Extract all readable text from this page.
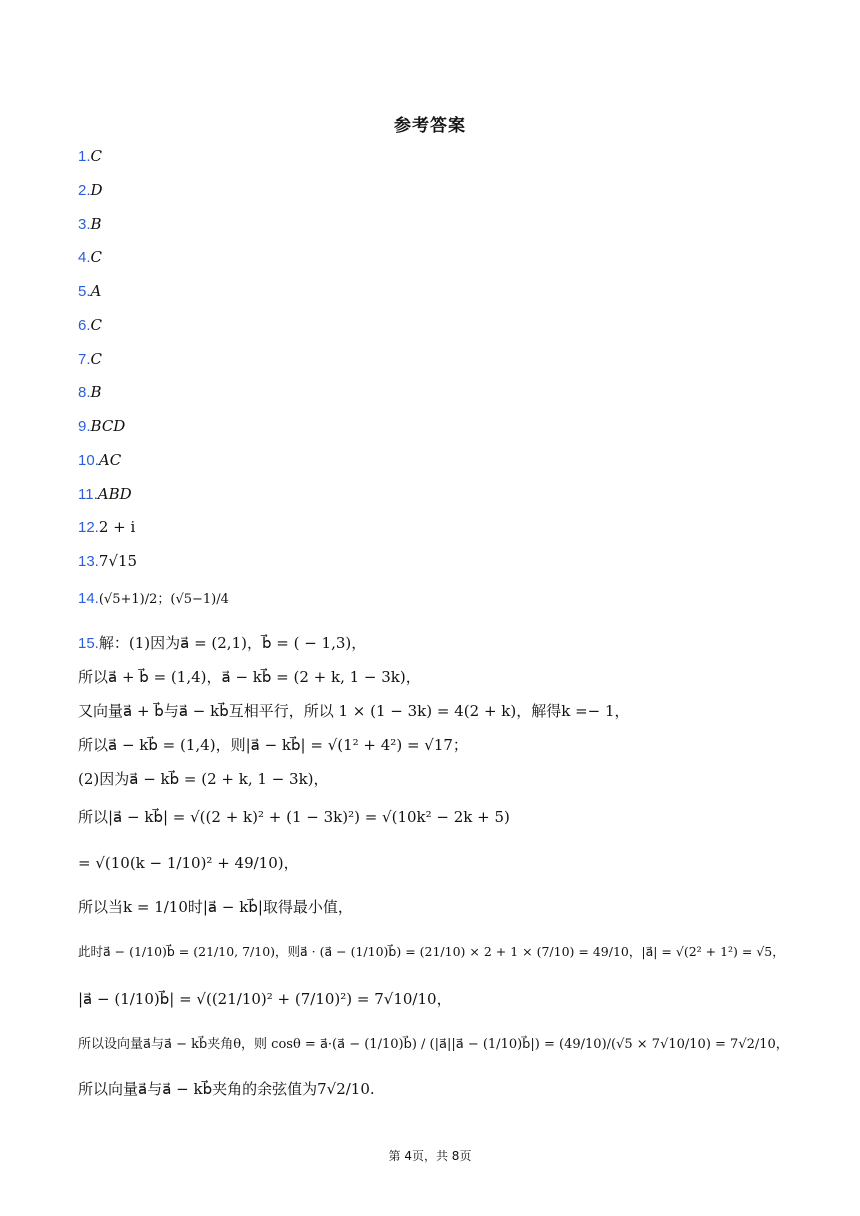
参考答案
1.C
2.D
3.B
4.C
5.A
6.C
7.C
8.B
9.BCD
10.AC
11.ABD
12.2 + i
13.7√15
14.(√5+1)/2；(√5−1)/4
15.解：(1)因为a⃗ = (2,1)，b⃗ = ( − 1,3)，
所以a⃗ + b⃗ = (1,4)，a⃗ − kb⃗ = (2 + k, 1 − 3k)，
又向量a⃗ + b⃗与a⃗ − kb⃗互相平行，所以 1 × (1 − 3k) = 4(2 + k)，解得k =− 1，
所以a⃗ − kb⃗ = (1,4)，则|a⃗ − kb⃗| = √(1² + 4²) = √17；
(2)因为a⃗ − kb⃗ = (2 + k, 1 − 3k)，
所以|a⃗ − kb⃗| = √((2 + k)² + (1 − 3k)²) = √(10k² − 2k + 5)
= √(10(k − 1/10)² + 49/10)，
所以当k = 1/10时|a⃗ − kb⃗|取得最小值，
此时a⃗ − (1/10)b⃗ = (21/10, 7/10)，则a⃗ · (a⃗ − (1/10)b⃗) = (21/10) × 2 + 1 × (7/10) = 49/10，|a⃗| = √(2² + 1²) = √5，
|a⃗ − (1/10)b⃗| = √((21/10)² + (7/10)²) = 7√10/10，
所以设向量a⃗与a⃗ − kb⃗夹角θ，则 cosθ = a⃗·(a⃗ − (1/10)b⃗) / (|a⃗||a⃗ − (1/10)b⃗|) = (49/10)/(√5 × 7√10/10) = 7√2/10，
所以向量a⃗与a⃗ − kb⃗夹角的余弦值为7√2/10.
第 4页，共 8页
